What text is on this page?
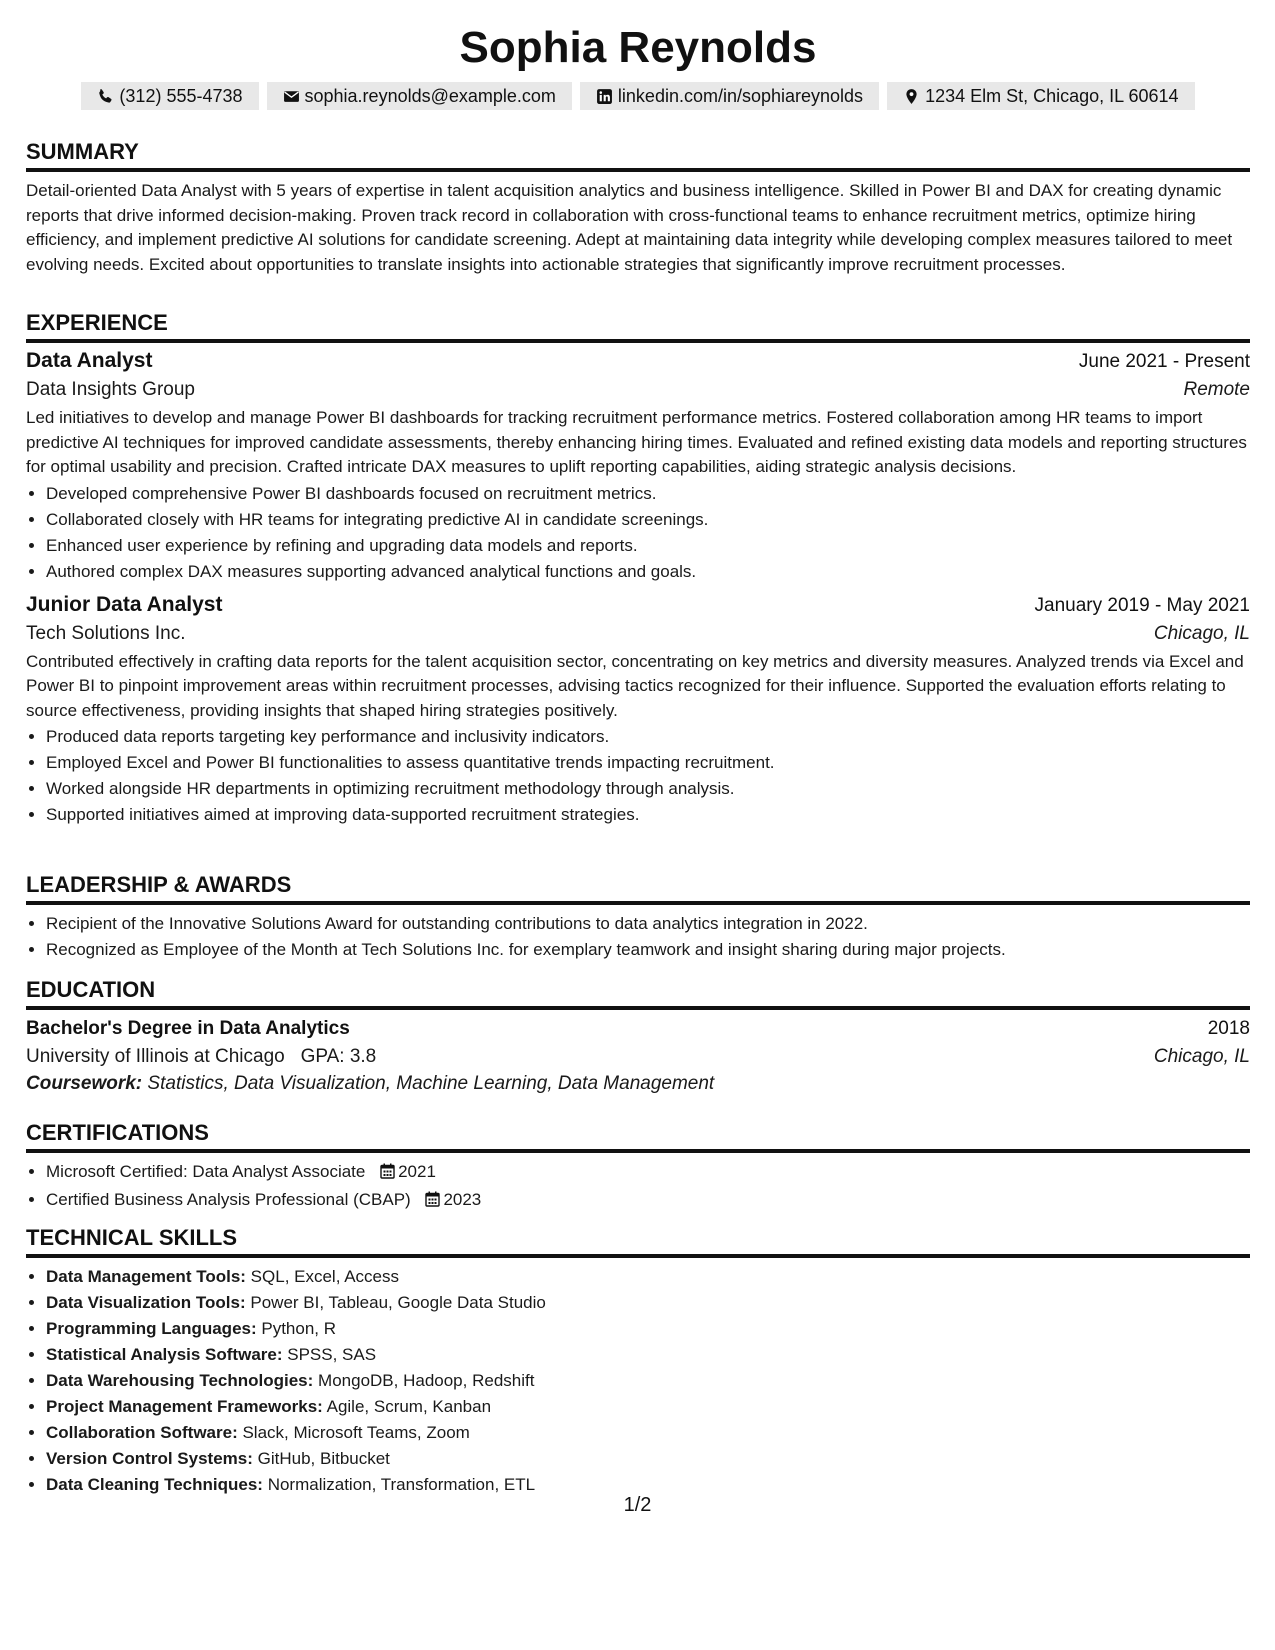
Sophia Reynolds
(312) 555-4738	sophia.reynolds@example.com	linkedin.com/in/sophiareynolds	1234 Elm St, Chicago, IL 60614
SUMMARY

Detail-oriented Data Analyst with 5 years of expertise in talent acquisition analytics and business intelligence. Skilled in Power BI and DAX for creating dynamic reports that drive informed decision-making. Proven track record in collaboration with cross-functional teams to enhance recruitment metrics, optimize hiring efficiency, and implement predictive AI solutions for candidate screening. Adept at maintaining data integrity while developing complex measures tailored to meet evolving needs. Excited about opportunities to translate insights into actionable strategies that significantly improve recruitment processes.

EXPERIENCE
Data Analyst	June 2021 - Present
Data Insights Group	Remote

Led initiatives to develop and manage Power BI dashboards for tracking recruitment performance metrics. Fostered collaboration among HR teams to import predictive AI techniques for improved candidate assessments, thereby enhancing hiring times. Evaluated and refined existing data models and reporting structures for optimal usability and precision. Crafted intricate DAX measures to uplift reporting capabilities, aiding strategic analysis decisions.

• Developed comprehensive Power BI dashboards focused on recruitment metrics.
• Collaborated closely with HR teams for integrating predictive AI in candidate screenings.
• Enhanced user experience by refining and upgrading data models and reports.
• Authored complex DAX measures supporting advanced analytical functions and goals.
Junior Data Analyst	January 2019 - May 2021
Tech Solutions Inc.	Chicago, IL

Contributed effectively in crafting data reports for the talent acquisition sector, concentrating on key metrics and diversity measures. Analyzed trends via Excel and Power BI to pinpoint improvement areas within recruitment processes, advising tactics recognized for their influence. Supported the evaluation efforts relating to source effectiveness, providing insights that shaped hiring strategies positively.

• Produced data reports targeting key performance and inclusivity indicators.
• Employed Excel and Power BI functionalities to assess quantitative trends impacting recruitment.
• Worked alongside HR departments in optimizing recruitment methodology through analysis.
• Supported initiatives aimed at improving data-supported recruitment strategies.
LEADERSHIP & AWARDS
• Recipient of the Innovative Solutions Award for outstanding contributions to data analytics integration in 2022.
• Recognized as Employee of the Month at Tech Solutions Inc. for exemplary teamwork and insight sharing during major projects.
EDUCATION
Bachelor's Degree in Data Analytics	2018
University of Illinois at Chicago GPA: 3.8	Chicago, IL
Coursework: Statistics, Data Visualization, Machine Learning, Data Management
CERTIFICATIONS
• Microsoft Certified: Data Analyst Associate 2021
• Certified Business Analysis Professional (CBAP) 2023
TECHNICAL SKILLS
• Data Management Tools: SQL, Excel, Access
• Data Visualization Tools: Power BI, Tableau, Google Data Studio
• Programming Languages: Python, R
• Statistical Analysis Software: SPSS, SAS
• Data Warehousing Technologies: MongoDB, Hadoop, Redshift
• Project Management Frameworks: Agile, Scrum, Kanban
• Collaboration Software: Slack, Microsoft Teams, Zoom
• Version Control Systems: GitHub, Bitbucket
• Data Cleaning Techniques: Normalization, Transformation, ETL
1/2
